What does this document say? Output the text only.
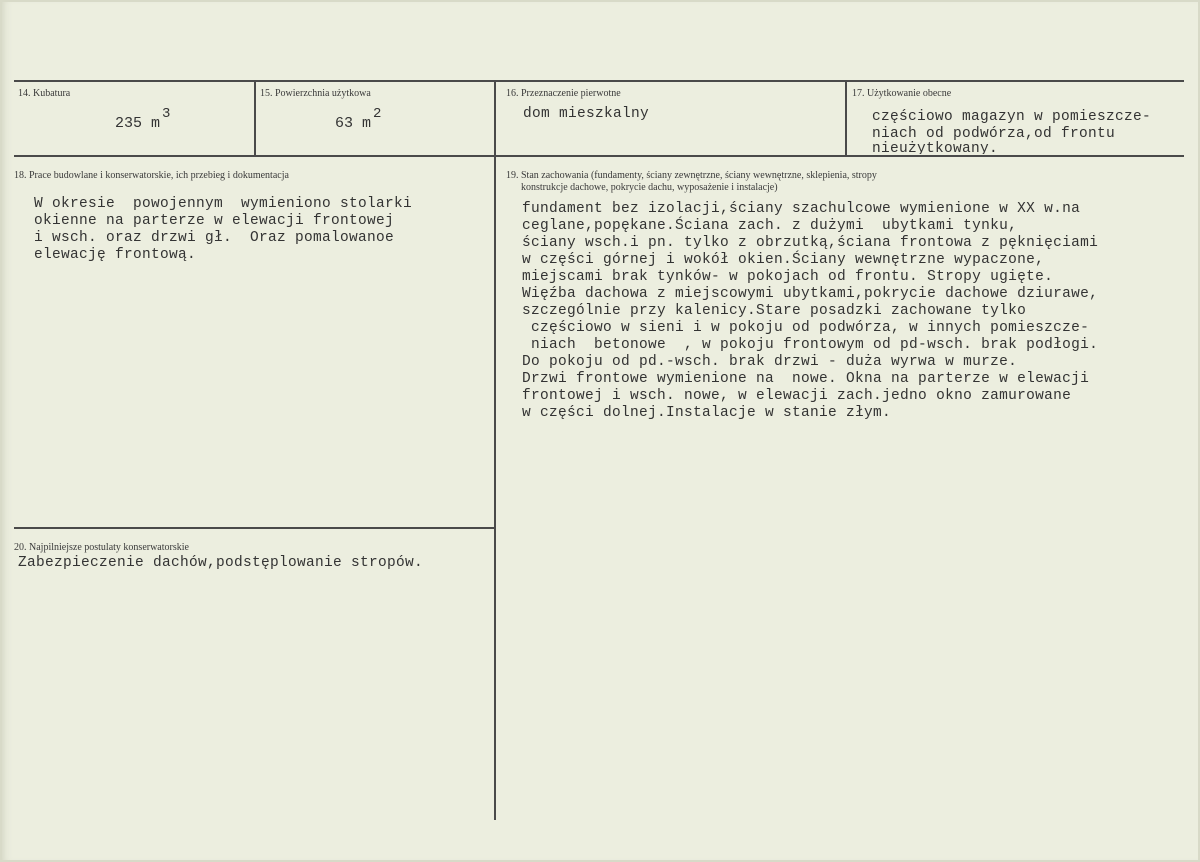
14. Kubatura
235 $m^3$
15. Powierzchnia użytkowa
63 $m^2$
16. Przeznaczenie pierwotne
dom mieszkalny
17. Użytkowanie obecne
częściowo magazyn w pomieszcze-
niach od podwórza,od frontu
nieużytkowany.
18. Prace budowlane i konserwatorskie, ich przebieg i dokumentacja
W okresie  powojennym  wymieniono stolarki
okienne na parterze w elewacji frontowej
i wsch. oraz drzwi gł.  Oraz pomalowanoe
elewację frontową.
19. Stan zachowania (fundamenty, ściany zewnętrzne, ściany wewnętrzne, sklepienia, stropy
konstrukcje dachowe, pokrycie dachu, wyposażenie i instalacje)
fundament bez izolacji,ściany szachulcowe wymienione w XX w.na
ceglane,popękane.Ściana zach. z dużymi  ubytkami tynku,
ściany wsch.i pn. tylko z obrzutką,ściana frontowa z pęknięciami
w części górnej i wokół okien.Ściany wewnętrzne wypaczone,
miejscami brak tynków- w pokojach od frontu. Stropy ugięte.
Więźba dachowa z miejscowymi ubytkami,pokrycie dachowe dziurawe,
szczególnie przy kalenicy.Stare posadzki zachowane tylko
częściowo w sieni i w pokoju od podwórza, w innych pomieszcze-
niach  betonowe  , w pokoju frontowym od pd-wsch. brak podłogi.
Do pokoju od pd.-wsch. brak drzwi - duża wyrwa w murze.
Drzwi frontowe wymienione na  nowe. Okna na parterze w elewacji
frontowej i wsch. nowe, w elewacji zach.jedno okno zamurowane
w części dolnej.Instalacje w stanie złym.
20. Najpilniejsze postulaty konserwatorskie
Zabezpieczenie dachów,podstęplowanie stropów.
